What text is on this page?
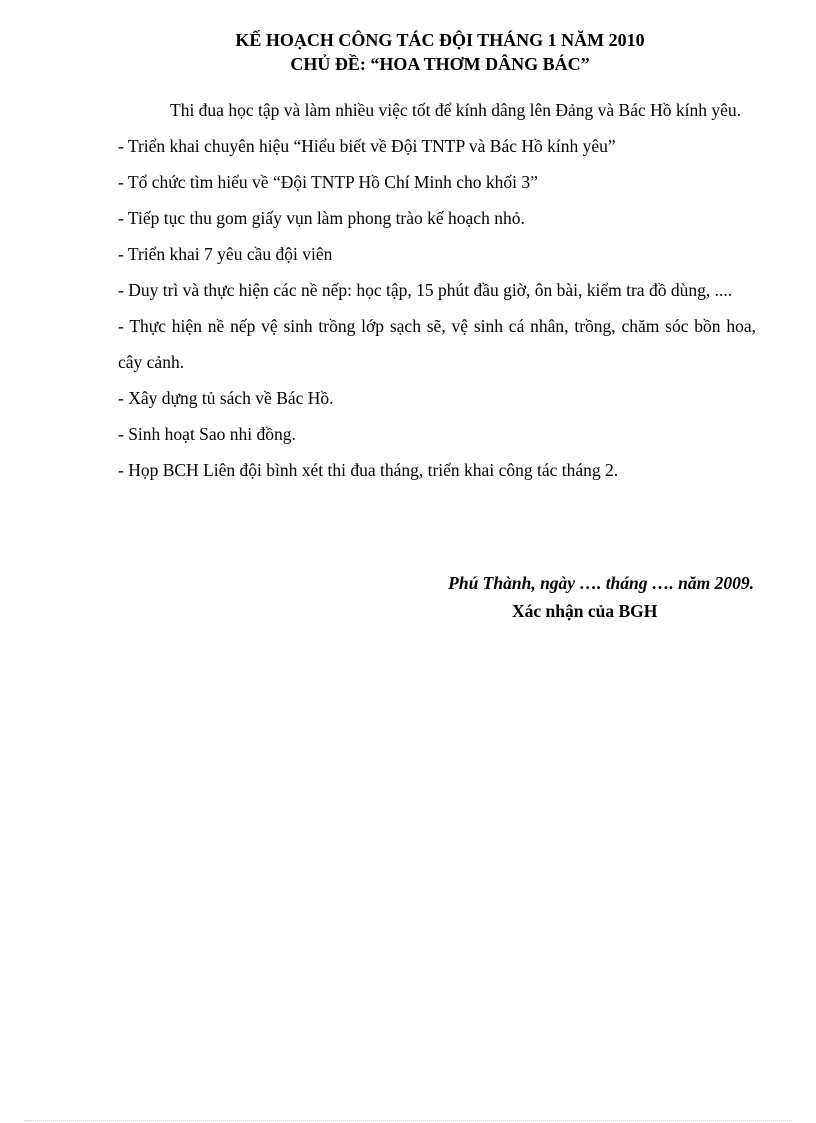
KẾ HOẠCH CÔNG TÁC ĐỘI THÁNG 1 NĂM 2010
CHỦ ĐỀ: “HOA THƠM DÂNG BÁC”

Thi đua học tập và làm nhiều việc tốt để kính dâng lên Đảng và Bác Hồ kính yêu.

- Triển khai chuyên hiệu “Hiểu biết về Đội TNTP và Bác Hồ kính yêu”

- Tổ chức tìm hiểu về “Đội TNTP Hồ Chí Minh cho khối 3”

- Tiếp tục thu gom giấy vụn làm phong trào kế hoạch nhỏ.

- Triển khai 7 yêu cầu đội viên

- Duy trì và thực hiện các nề nếp: học tập, 15 phút đầu giờ, ôn bài, kiểm tra đồ dùng, ....

- Thực hiện nề nếp vệ sinh trồng lớp sạch sẽ, vệ sinh cá nhân, trồng, chăm sóc bồn hoa, cây cảnh.

- Xây dựng tủ sách về Bác Hồ.

- Sinh hoạt Sao nhi đồng.

- Họp BCH Liên đội bình xét thi đua tháng, triển khai công tác tháng 2.

Phú Thành, ngày …. tháng …. năm 2009.
Xác nhận của BGH
